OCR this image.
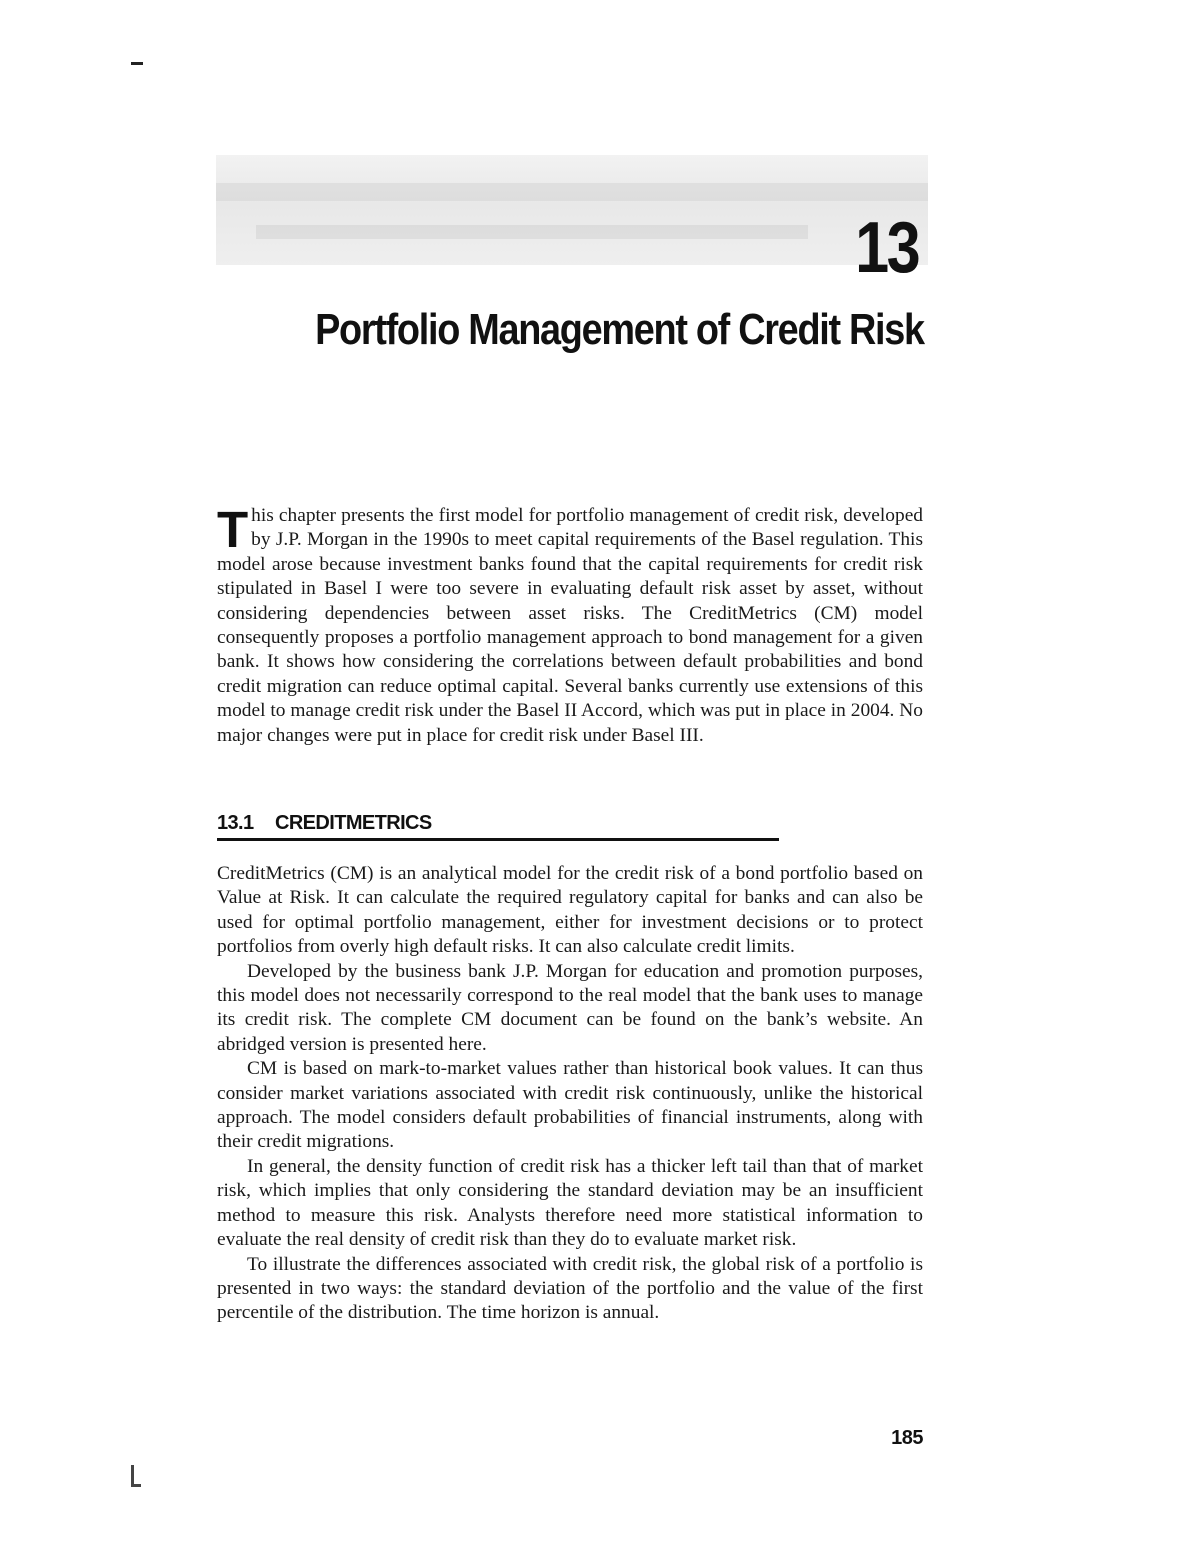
13
Portfolio Management of Credit Risk

This chapter presents the first model for portfolio management of credit risk, developed by J.P. Morgan in the 1990s to meet capital requirements of the Basel regulation. This model arose because investment banks found that the capital requirements for credit risk stipulated in Basel I were too severe in evaluating default risk asset by asset, without considering dependencies between asset risks. The CreditMetrics (CM) model consequently proposes a portfolio management approach to bond management for a given bank. It shows how considering the correlations between default probabilities and bond credit migration can reduce optimal capital. Several banks currently use extensions of this model to manage credit risk under the Basel II Accord, which was put in place in 2004. No major changes were put in place for credit risk under Basel III.

13.1 CREDITMETRICS

CreditMetrics (CM) is an analytical model for the credit risk of a bond portfolio based on Value at Risk. It can calculate the required regulatory capital for banks and can also be used for optimal portfolio management, either for investment decisions or to protect portfolios from overly high default risks. It can also calculate credit limits.

Developed by the business bank J.P. Morgan for education and promotion purposes, this model does not necessarily correspond to the real model that the bank uses to manage its credit risk. The complete CM document can be found on the bank’s website. An abridged version is presented here.

CM is based on mark-to-market values rather than historical book values. It can thus consider market variations associated with credit risk continuously, unlike the historical approach. The model considers default probabilities of financial instruments, along with their credit migrations.

In general, the density function of credit risk has a thicker left tail than that of market risk, which implies that only considering the standard deviation may be an insufficient method to measure this risk. Analysts therefore need more statistical information to evaluate the real density of credit risk than they do to evaluate market risk.

To illustrate the differences associated with credit risk, the global risk of a portfolio is presented in two ways: the standard deviation of the portfolio and the value of the first percentile of the distribution. The time horizon is annual.

185
